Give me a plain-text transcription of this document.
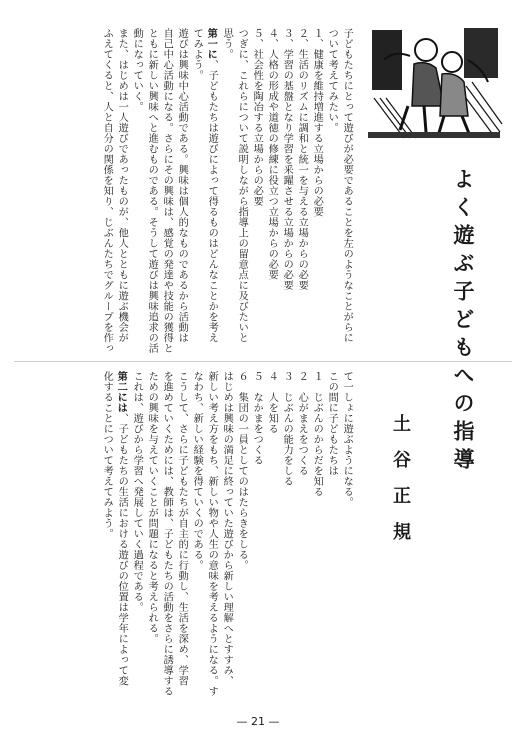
よく遊ぶ子どもへの指導
土　谷　正　規
子どもたちにとって遊びが必要であることを左のようなことがらに
ついて考えてみたい。
１、健康を維持増進する立場からの必要
２、生活のリズムに調和と統一を与える立場からの必要
３、学習の基盤となり学習を釆躍させる立場からの必要
４、人格の形成や道徳の修練に役立つ立場からの必要
５、社会性を陶冶する立場からの必要
つぎに、これらについて説明しながら指導上の留意点に及びたいと
思う。
第一に、子どもたちは遊びによって得るものはどんなことかを考え
てみよう。
遊びは興味中心活動である。興味は個人的なものであるから活動は
自己中心活動になる。さらにその興味は、感覚の発達や技能の獲得と
ともに新しい興味へと進むものである。そうして遊びは興味追求の活
動になっていく。
また、はじめは一人遊びであったものが、他人とともに遊ぶ機会が
ふえてくると、人と自分の関係を知り、じぶんたちでグループを作っ
て一しょに遊ぶようになる。
この間に子どもたちは
１　じぶんのからだを知る
２　心がまえをつくる
３　じぶんの能力をしる
４　人を知る
５　なかまをつくる
６　集団の一員としてのはたらきをしる。
はじめは興味の満足に終っていた遊びから新しい理解へとすすみ、
新しい考え方をもち、新しい物や人生の意味を考えるようになる。す
なわち、新しい経験を得ていくのである。
こうして、さらに子どもたちが自主的に行動し、生活を深め、学習
を進めていくためには、教師は、子どもたちの活動をさらに誘導する
ための興味を与えていくことが問題になると考えられる。
これは、遊びから学習へ発展していく過程である。
第二には、子どもたちの生活における遊びの位置は学年によって変
化することについて考えてみよう。
— 21 —
